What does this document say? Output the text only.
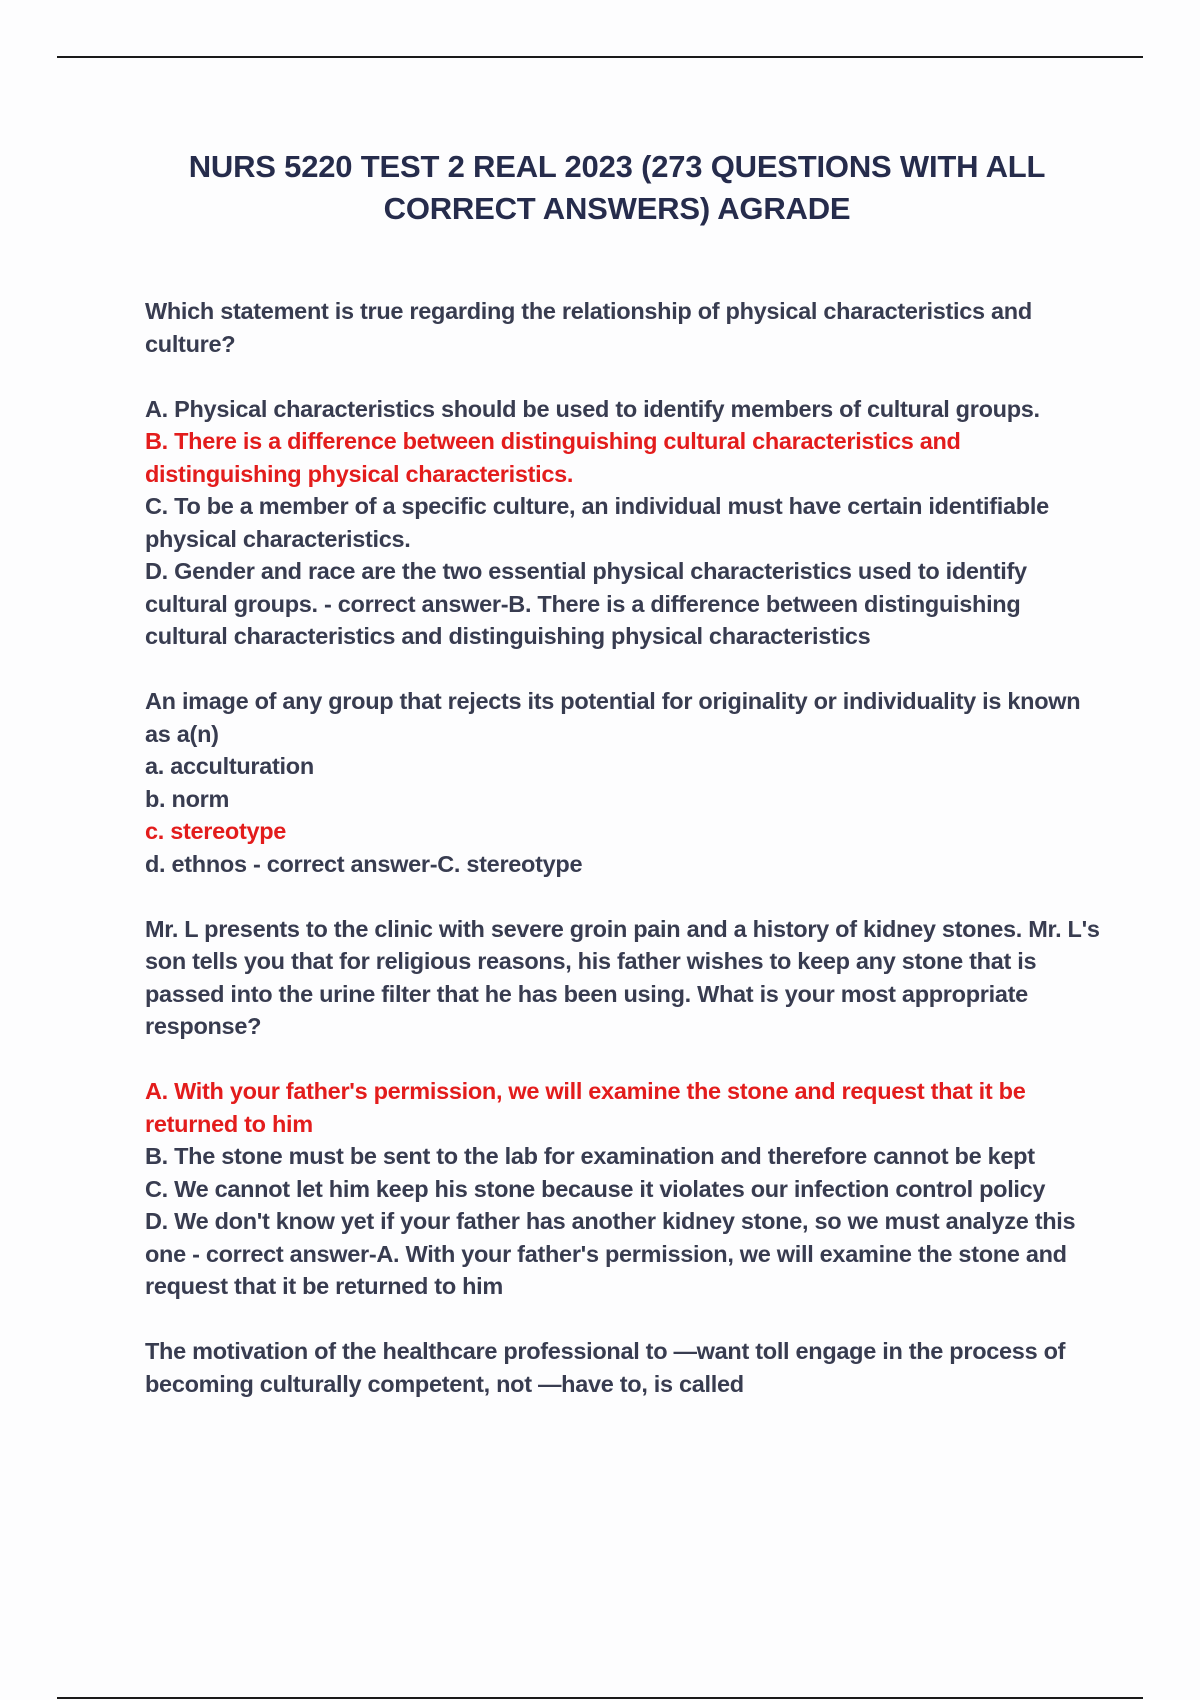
NURS 5220 TEST 2 REAL 2023 (273 QUESTIONS WITH ALL CORRECT ANSWERS) AGRADE
Which statement is true regarding the relationship of physical characteristics and culture?
A. Physical characteristics should be used to identify members of cultural groups.
B. There is a difference between distinguishing cultural characteristics and distinguishing physical characteristics.
C. To be a member of a specific culture, an individual must have certain identifiable physical characteristics.
D. Gender and race are the two essential physical characteristics used to identify cultural groups. - correct answer-B. There is a difference between distinguishing cultural characteristics and distinguishing physical characteristics
An image of any group that rejects its potential for originality or individuality is known as a(n)
a. acculturation
b. norm
c. stereotype
d. ethnos - correct answer-C. stereotype
Mr. L presents to the clinic with severe groin pain and a history of kidney stones. Mr. L's son tells you that for religious reasons, his father wishes to keep any stone that is passed into the urine filter that he has been using. What is your most appropriate response?
A. With your father's permission, we will examine the stone and request that it be returned to him
B. The stone must be sent to the lab for examination and therefore cannot be kept
C. We cannot let him keep his stone because it violates our infection control policy
D. We don't know yet if your father has another kidney stone, so we must analyze this one - correct answer-A. With your father's permission, we will examine the stone and request that it be returned to him
The motivation of the healthcare professional to —want toll engage in the process of becoming culturally competent, not —have to, is called
